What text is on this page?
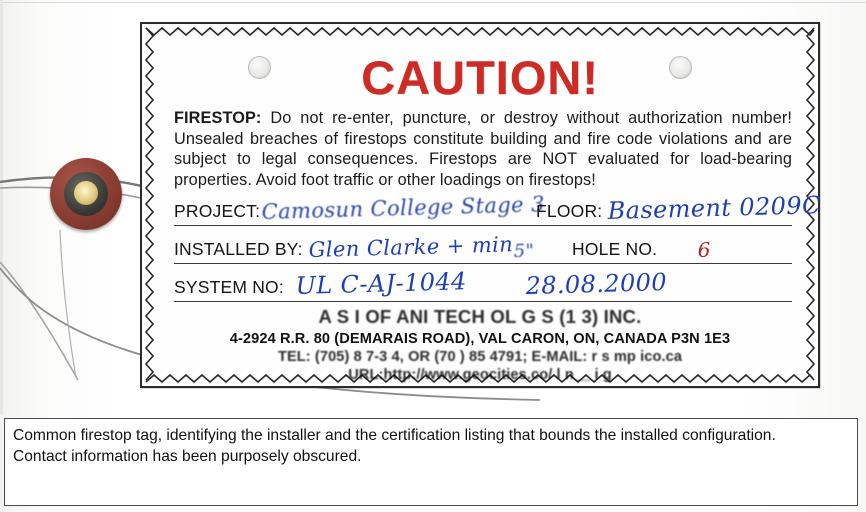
CAUTION!
FIRESTOP: Do not re-enter, puncture, or destroy without authorization number! Unsealed breaches of firestops constitute building and fire code violations and are subject to legal consequences. Firestops are NOT evaluated for load-bearing properties. Avoid foot traffic or other loadings on firestops!
PROJECT: Camosun College Stage 3
FLOOR: Basement 0209C
INSTALLED BY: Glen Clarke + min 5" HOLE NO. 6
SYSTEM NO: UL C-AJ-1044 28.08.2000
A S I OF ANI TECH OL G S (1 3) INC.
4-2924 R.R. 80 (DEMARAIS ROAD), VAL CARON, ON, CANADA P3N 1E3
TEL: (705) 8 7-3 4, OR (70 ) 85 4791; E-MAIL: r s mp ico.ca
URL:http://www.geocities.co/ l n__ i g
Common firestop tag, identifying the installer and the certification listing that bounds the installed configuration.
Contact information has been purposely obscured.
